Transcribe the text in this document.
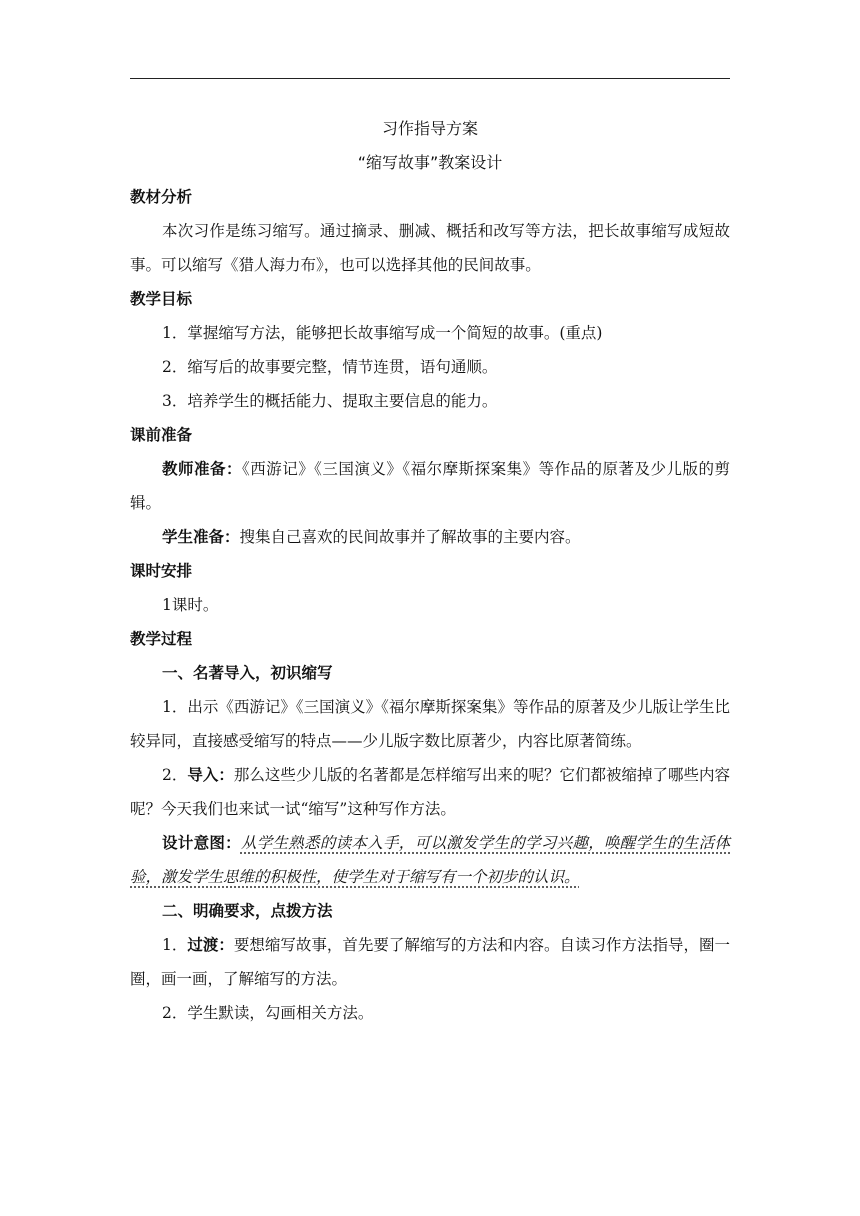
习作指导方案

“缩写故事”教案设计

教材分析

本次习作是练习缩写。通过摘录、删减、概括和改写等方法，把长故事缩写成短故事。可以缩写《猎人海力布》，也可以选择其他的民间故事。

教学目标

1．掌握缩写方法，能够把长故事缩写成一个简短的故事。(重点)

2．缩写后的故事要完整，情节连贯，语句通顺。

3．培养学生的概括能力、提取主要信息的能力。

课前准备

教师准备：《西游记》《三国演义》《福尔摩斯探案集》等作品的原著及少儿版的剪辑。

学生准备：搜集自己喜欢的民间故事并了解故事的主要内容。

课时安排

1课时。

教学过程

一、名著导入，初识缩写

1．出示《西游记》《三国演义》《福尔摩斯探案集》等作品的原著及少儿版让学生比较异同，直接感受缩写的特点——少儿版字数比原著少，内容比原著简练。

2．导入：那么这些少儿版的名著都是怎样缩写出来的呢？它们都被缩掉了哪些内容呢？今天我们也来试一试“缩写”这种写作方法。

设计意图：从学生熟悉的读本入手，可以激发学生的学习兴趣，唤醒学生的生活体验，激发学生思维的积极性，使学生对于缩写有一个初步的认识。

二、明确要求，点拨方法

1．过渡：要想缩写故事，首先要了解缩写的方法和内容。自读习作方法指导，圈一圈，画一画，了解缩写的方法。

2．学生默读，勾画相关方法。
